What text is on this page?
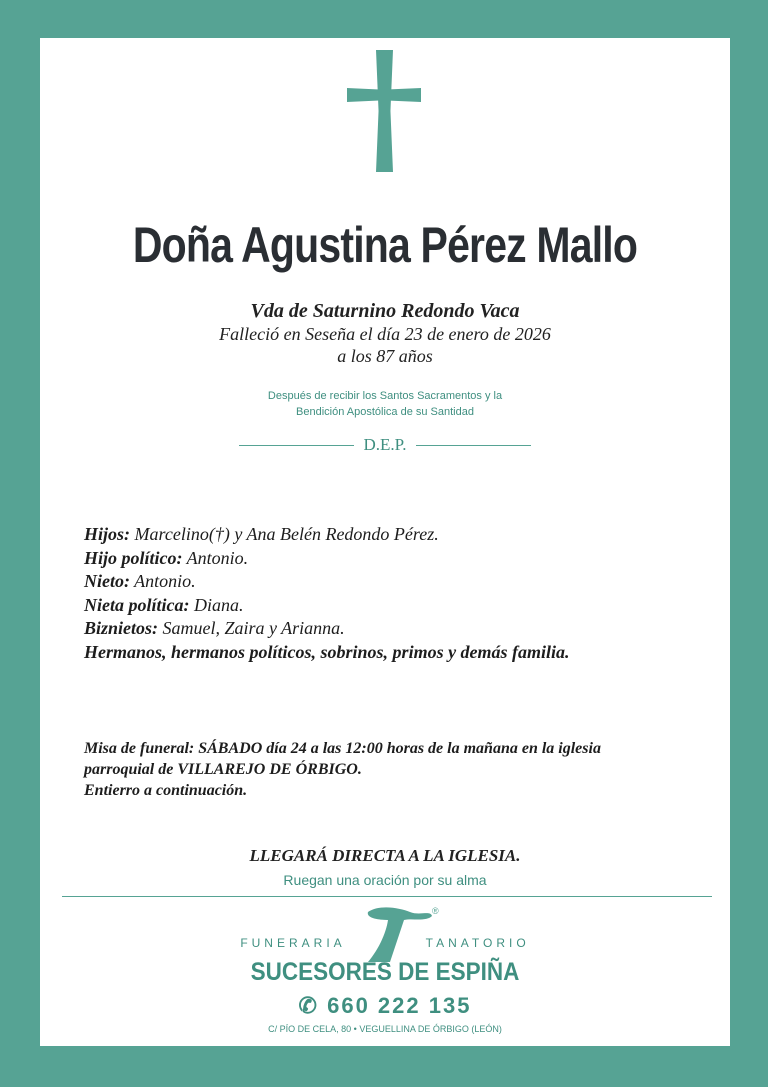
Doña Agustina Pérez Mallo
Vda de Saturnino Redondo Vaca
Falleció en Seseña el día 23 de enero de 2026
a los 87 años
Después de recibir los Santos Sacramentos y la
Bendición Apostólica de su Santidad
D.E.P.
Hijos: Marcelino(†) y Ana Belén Redondo Pérez.
Hijo político: Antonio.
Nieto: Antonio.
Nieta política: Diana.
Biznietos: Samuel, Zaira y Arianna.
Hermanos, hermanos políticos, sobrinos, primos y demás familia.
Misa de funeral: SÁBADO día 24 a las 12:00 horas de la mañana en la iglesia
parroquial de VILLAREJO DE ÓRBIGO.
Entierro a continuación.
LLEGARÁ DIRECTA A LA IGLESIA.
Ruegan una oración por su alma
®
FUNERARIA	TANATORIO
SUCESORES DE ESPIÑA
✆ 660 222 135
C/ PÍO DE CELA, 80 • VEGUELLINA DE ÓRBIGO (LEÓN)
